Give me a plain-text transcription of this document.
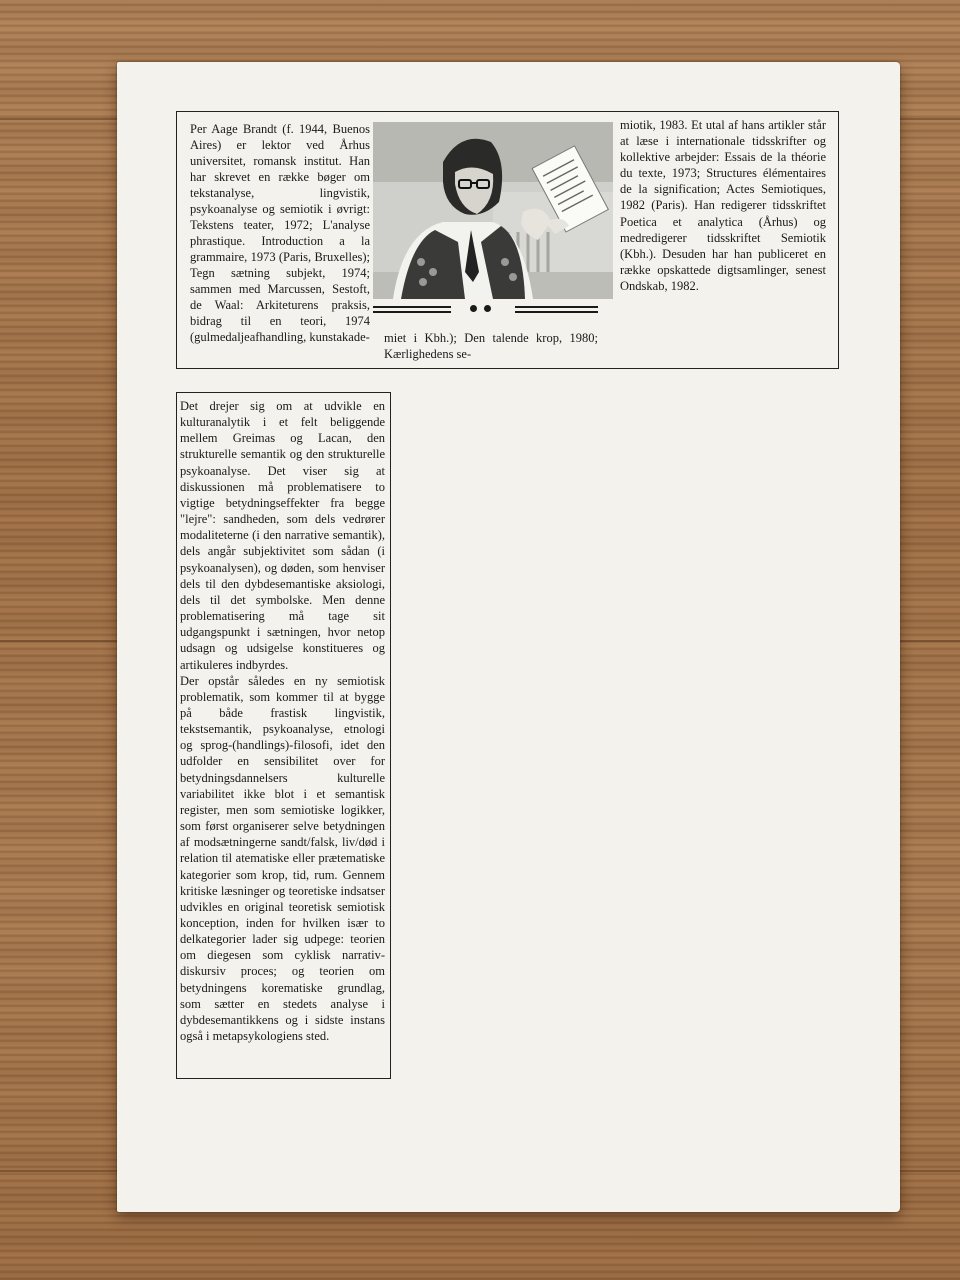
Per Aage Brandt (f. 1944, Buenos Aires) er lektor ved Århus universitet, romansk institut. Han har skrevet en række bøger om tekstanalyse, lingvistik, psykoanalyse og semiotik i øvrigt: Tekstens teater, 1972; L'analyse phrastique. Introduction a la grammaire, 1973 (Paris, Bruxelles); Tegn sætning subjekt, 1974; sammen med Marcussen, Sestoft, de Waal: Arkiteturens praksis, bidrag til en teori, 1974 (gulmedaljeafhandling, kunstakade- miet i Kbh.); Den talende krop, 1980; Kærlighedens se-
miotik, 1983. Et utal af hans artikler står at læse i internationale tidsskrifter og kollektive arbejder: Essais de la théorie du texte, 1973; Structures élémentaires de la signification; Actes Semiotiques, 1982 (Paris). Han redigerer tidsskriftet Poetica et analytica (Århus) og medredigerer tidsskriftet Semiotik (Kbh.). Desuden har han publiceret en række opskattede digtsamlinger, senest Ondskab, 1982.

Det drejer sig om at udvikle en kulturanalytik i et felt beliggende mellem Greimas og Lacan, den strukturelle semantik og den strukturelle psykoanalyse. Det viser sig at diskussionen må problematisere to vigtige betydningseffekter fra begge "lejre": sandheden, som dels vedrører modaliteterne (i den narrative semantik), dels angår subjektivitet som sådan (i psykoanalysen), og døden, som henviser dels til den dybdesemantiske aksiologi, dels til det symbolske. Men denne problematisering må tage sit udgangspunkt i sætningen, hvor netop udsagn og udsigelse konstitueres og artikuleres indbyrdes.

Der opstår således en ny semiotisk problematik, som kommer til at bygge på både frastisk lingvistik, tekstsemantik, psykoanalyse, etnologi og sprog-(handlings)-filosofi, idet den udfolder en sensibilitet over for betydningsdannelsers kulturelle variabilitet ikke blot i et semantisk register, men som semiotiske logikker, som først organiserer selve betydningen af modsætningerne sandt/falsk, liv/død i relation til atematiske eller prætematiske kategorier som krop, tid, rum. Gennem kritiske læsninger og teoretiske indsatser udvikles en original teoretisk semiotisk konception, inden for hvilken især to delkategorier lader sig udpege: teorien om diegesen som cyklisk narrativ-diskursiv proces; og teorien om betydningens korematiske grundlag, som sætter en stedets analyse i dybdesemantikkens og i sidste instans også i metapsykologiens sted.
